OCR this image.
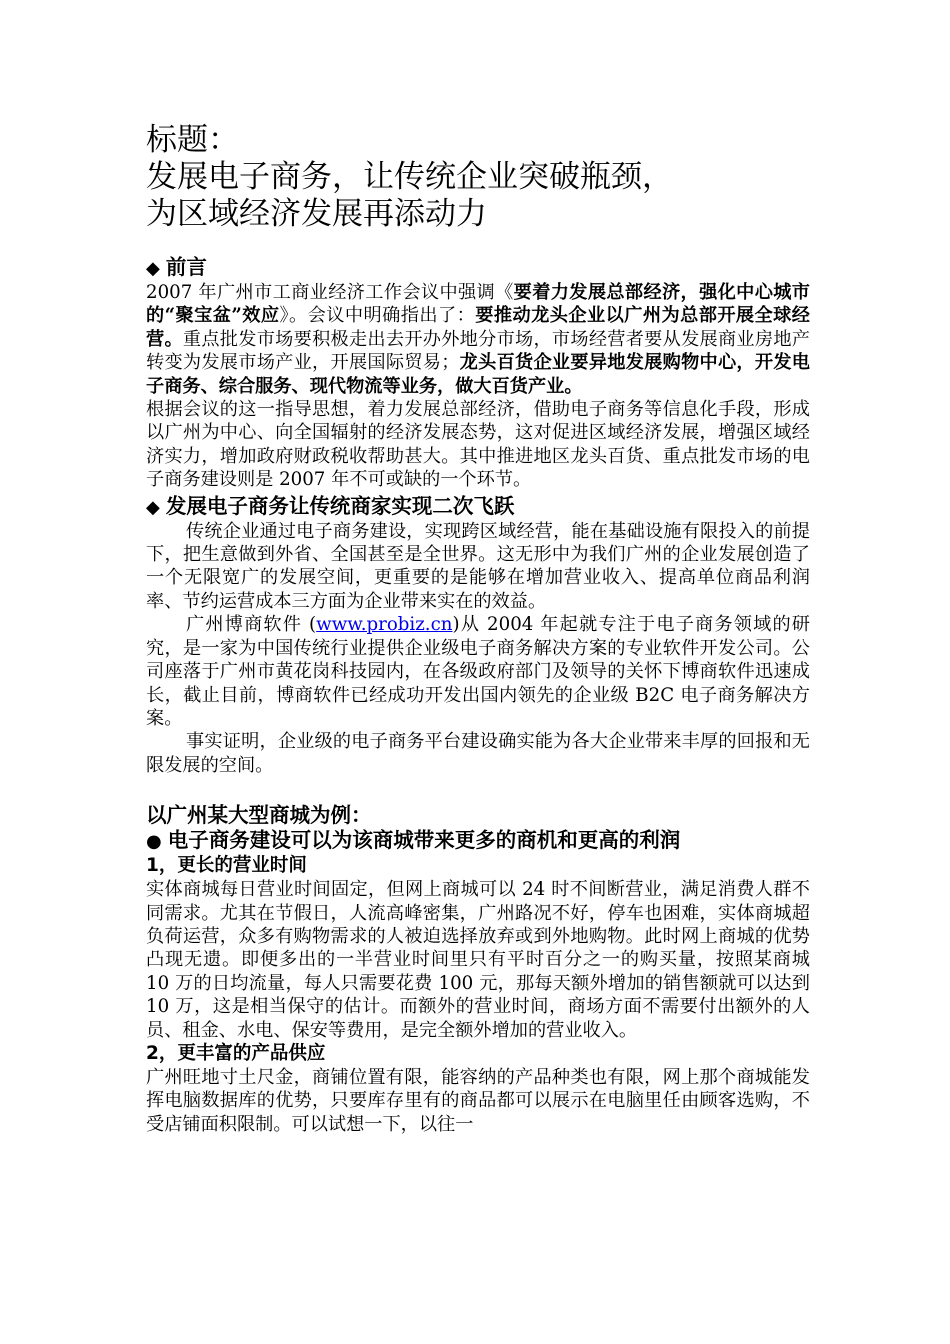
标题：
发展电子商务，让传统企业突破瓶颈，
为区域经济发展再添动力
◆ 前言

2007 年广州市工商业经济工作会议中强调《要着力发展总部经济，强化中心城市的“聚宝盆”效应》。会议中明确指出了：要推动龙头企业以广州为总部开展全球经营。重点批发市场要积极走出去开办外地分市场，市场经营者要从发展商业房地产转变为发展市场产业，开展国际贸易；龙头百货企业要异地发展购物中心，开发电子商务、综合服务、现代物流等业务，做大百货产业。

根据会议的这一指导思想，着力发展总部经济，借助电子商务等信息化手段，形成以广州为中心、向全国辐射的经济发展态势，这对促进区域经济发展，增强区域经济实力，增加政府财政税收帮助甚大。其中推进地区龙头百货、重点批发市场的电子商务建设则是 2007 年不可或缺的一个环节。

◆ 发展电子商务让传统商家实现二次飞跃

传统企业通过电子商务建设，实现跨区域经营，能在基础设施有限投入的前提下，把生意做到外省、全国甚至是全世界。这无形中为我们广州的企业发展创造了一个无限宽广的发展空间，更重要的是能够在增加营业收入、提高单位商品利润率、节约运营成本三方面为企业带来实在的效益。

广州博商软件 (www.probiz.cn)从 2004 年起就专注于电子商务领域的研究，是一家为中国传统行业提供企业级电子商务解决方案的专业软件开发公司。公司座落于广州市黄花岗科技园内，在各级政府部门及领导的关怀下博商软件迅速成长，截止目前，博商软件已经成功开发出国内领先的企业级 B2C 电子商务解决方案。

事实证明，企业级的电子商务平台建设确实能为各大企业带来丰厚的回报和无限发展的空间。

以广州某大型商城为例：
● 电子商务建设可以为该商城带来更多的商机和更高的利润
1，更长的营业时间

实体商城每日营业时间固定，但网上商城可以 24 时不间断营业，满足消费人群不同需求。尤其在节假日，人流高峰密集，广州路况不好，停车也困难，实体商城超负荷运营，众多有购物需求的人被迫选择放弃或到外地购物。此时网上商城的优势凸现无遗。即便多出的一半营业时间里只有平时百分之一的购买量，按照某商城 10 万的日均流量，每人只需要花费 100 元，那每天额外增加的销售额就可以达到 10 万，这是相当保守的估计。而额外的营业时间，商场方面不需要付出额外的人员、租金、水电、保安等费用，是完全额外增加的营业收入。

2，更丰富的产品供应

广州旺地寸土尺金，商铺位置有限，能容纳的产品种类也有限，网上那个商城能发挥电脑数据库的优势，只要库存里有的商品都可以展示在电脑里任由顾客选购，不受店铺面积限制。可以试想一下，以往一
